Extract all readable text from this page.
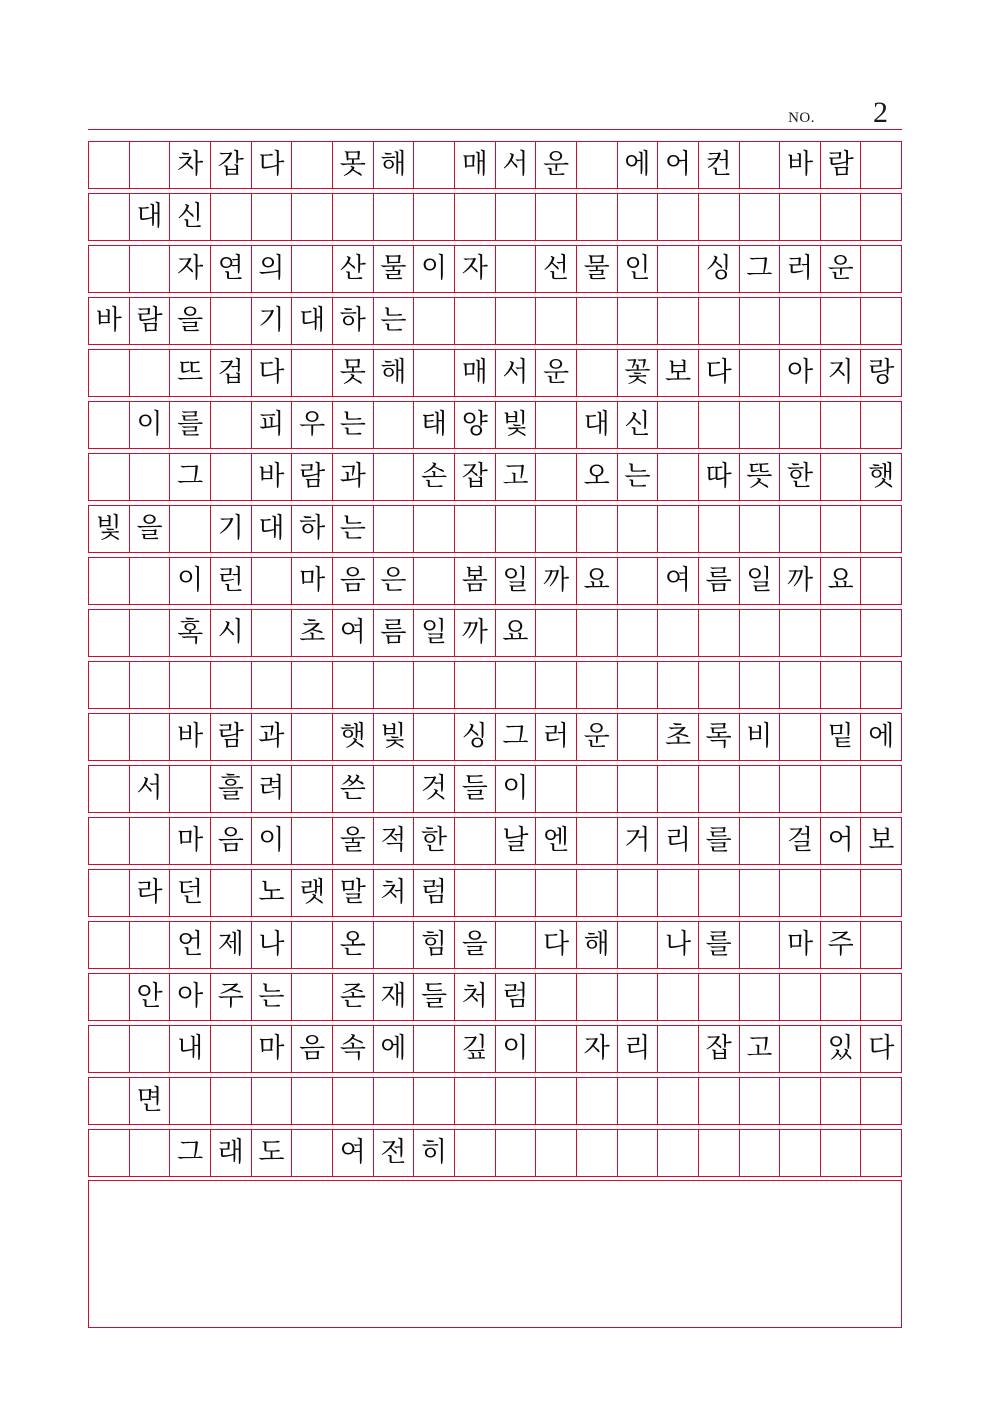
NO. 2
차 갑 다 못 해 매 서 운 에 어 컨 바 람
대 신
자 연 의 산 물 이 자 선 물 인 싱 그 러 운
바 람 을 기 대 하 는
뜨 겁 다 못 해 매 서 운 꽃 보 다 아 지 랑
이 를 피 우 는 태 양 빛 대 신
그 바 람 과 손 잡 고 오 는 따 뜻 한 햇
빛 을 기 대 하 는
이 런 마 음 은 봄 일 까 요 여 름 일 까 요
혹 시 초 여 름 일 까 요
바 람 과 햇 빛 싱 그 러 운 초 록 비 밑 에
서 흘 려 쓴 것 들 이
마 음 이 울 적 한 날 엔 거 리 를 걸 어 보
라 던 노 랫 말 처 럼
언 제 나 온 힘 을 다 해 나 를 마 주
안 아 주 는 존 재 들 처 럼
내 마 음 속 에 깊 이 자 리 잡 고 있 다
면
그 래 도 여 전 히
